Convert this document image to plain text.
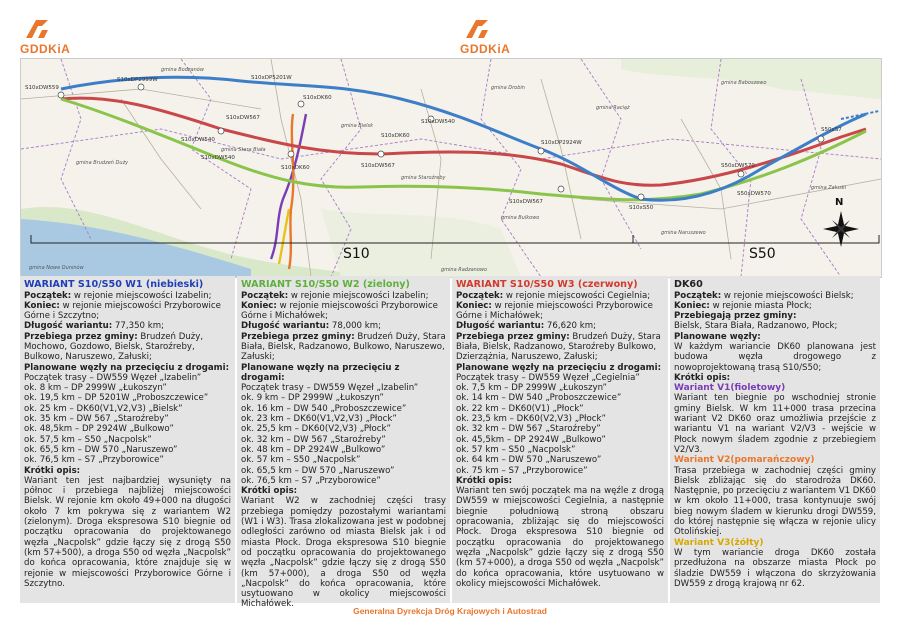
GDDKiA	GDDKiA
S10xDW559
S10xDP2999W	S10xDP5201W
S10xDK60
S10xDW540
S10xDW567
S10xDK60	S10xDW567
S10xDW540
S10xDK60
S10xDP2924W
S10xDW540
S10xS50
S50xDW570
S50xS7
S10xDW567
S50xDW570
gmina Bodzanów
gmina Bielsk
gmina Brudzeń Duży
gmina Drobin
gmina Raciąż
gmina Baboszewo
gmina Zaluski
gmina Bulkowo
gmina Naruszewo
gmina Nowe Duninów	gmina Radzanowo
gmina Stara Biała
gmina Staroźreby
S10	S50
N
WARIANT S10/S50 W1 (niebieski)
Początek: w rejonie miejscowości Izabelin;
Koniec: w rejonie miejscowości Przyborowice Górne i Szczytno;
Długość wariantu: 77,350 km;
Przebiega przez gminy: Brudzeń Duży, Mochowo, Gozdowo, Bielsk, Staroźreby, Bulkowo, Naruszewo, Załuski;
Planowane węzły na przecięciu z drogami:
Początek trasy – DW559 Węzeł „Izabelin”
ok. 8 km – DP 2999W „Łukoszyn”
ok. 19,5 km – DP 5201W „Proboszczewice”
ok. 25 km – DK60(V1,V2,V3) „Bielsk”
ok. 35 km – DW 567 „Staroźreby”
ok. 48,5km – DP 2924W „Bulkowo”
ok. 57,5 km – S50 „Nacpolsk”
ok. 65,5 km – DW 570 „Naruszewo”
ok. 76,5 km – S7 „Przyborowice”
Krótki opis:
Wariant ten jest najbardziej wysunięty na północ i przebiega najbliżej miejscowości Bielsk. W rejonie km około 49+000 na długości około 7 km pokrywa się z wariantem W2 (zielonym). Droga ekspresowa S10 biegnie od początku opracowania do projektowanego węzła „Nacpolsk” gdzie łączy się z drogą S50 (km 57+500), a droga S50 od węzła „Nacpolsk” do końca opracowania, które znajduje się w rejonie w miejscowości Przyborowice Górne i Szczytno.
WARIANT S10/S50 W2 (zielony)
Początek: w rejonie miejscowości Izabelin;
Koniec: w rejonie miejscowości Przyborowice Górne i Michałówek;
Długość wariantu: 78,000 km;
Przebiega przez gminy: Brudzeń Duży, Stara Biała, Bielsk, Radzanowo, Bulkowo, Naruszewo, Załuski;
Planowane węzły na przecięciu z drogami:
Początek trasy – DW559 Węzeł „Izabelin”
ok. 9 km – DP 2999W „Łukoszyn”
ok. 16 km – DW 540 „Proboszczewice”
ok. 23 km – DK60(V1,V2,V3) „Płock”
ok. 25,5 km – DK60(V2,V3) „Płock”
ok. 32 km – DW 567 „Staroźreby”
ok. 48 km – DP 2924W „Bulkowo”
ok. 57 km – S50 „Nacpolsk”
ok. 65,5 km – DW 570 „Naruszewo”
ok. 76,5 km – S7 „Przyborowice”
Krótki opis:
Wariant W2 w zachodniej części trasy przebiega pomiędzy pozostałymi wariantami (W1 i W3). Trasa zlokalizowana jest w podobnej odległości zarówno od miasta Bielsk jak i od miasta Płock. Droga ekspresowa S10 biegnie od początku opracowania do projektowanego węzła „Nacpolsk” gdzie łączy się z drogą S50 (km 57+000), a droga S50 od węzła „Nacpolsk” do końca opracowania, które usytuowano w okolicy miejscowości Michałówek.
WARIANT S10/S50 W3 (czerwony)
Początek: w rejonie miejscowości Cegielnia;
Koniec: w rejonie miejscowości Przyborowice Górne i Michałówek;
Długość wariantu: 76,620 km;
Przebiega przez gminy: Brudzeń Duży, Stara Biała, Bielsk, Radzanowo, Staroźreby Bulkowo, Dzierzążnia, Naruszewo, Załuski;
Planowane węzły na przecięciu z drogami:
Początek trasy – DW559 Węzeł „Cegielnia”
ok. 7,5 km – DP 2999W „Łukoszyn”
ok. 14 km – DW 540 „Proboszczewice”
ok. 22 km – DK60(V1) „Płock”
ok. 23,5 km – DK60(V2,V3) „Płock”
ok. 32 km – DW 567 „Staroźreby”
ok. 45,5km – DP 2924W „Bulkowo”
ok. 57 km – S50 „Nacpolsk”
ok. 64 km – DW 570 „Naruszewo”
ok. 75 km – S7 „Przyborowice”
Krótki opis:
Wariant ten swój początek ma na węźle z drogą DW559 w miejscowości Cegielnia, a następnie biegnie południową stroną obszaru opracowania, zbliżając się do miejscowości Płock. Droga ekspresowa S10 biegnie od początku opracowania do projektowanego węzła „Nacpolsk” gdzie łączy się z drogą S50 (km 57+000), a droga S50 od węzła „Nacpolsk” do końca opracowania, które usytuowano w okolicy miejscowości Michałówek.
DK60
Początek: w rejonie miejscowości Bielsk;
Koniec: w rejonie miasta Płock;
Przebiegają przez gminy:
Bielsk, Stara Biała, Radzanowo, Płock;
Planowane węzły:
W każdym wariancie DK60 planowana jest budowa węzła drogowego z nowoprojektowaną trasą S10/S50;
Krótki opis:
Wariant V1(fioletowy)
Wariant ten biegnie po wschodniej stronie gminy Bielsk. W km 11+000 trasa przecina wariant V2 DK60 oraz umożliwia przejście z wariantu V1 na wariant V2/V3 - wejście w Płock nowym śladem zgodnie z przebiegiem V2/V3.
Wariant V2(pomarańczowy)
Trasa przebiega w zachodniej części gminy Bielsk zbliżając się do starodroża DK60. Następnie, po przecięciu z wariantem V1 DK60 w km około 11+000, trasa kontynuuje swój bieg nowym śladem w kierunku drogi DW559, do której następnie się włącza w rejonie ulicy Otolińskiej.
Wariant V3(żółty)
W tym wariancie droga DK60 została przedłużona na obszarze miasta Płock po śladzie DW559 i włączona do skrzyżowania DW559 z drogą krajową nr 62.
Generalna Dyrekcja Dróg Krajowych i Autostrad
